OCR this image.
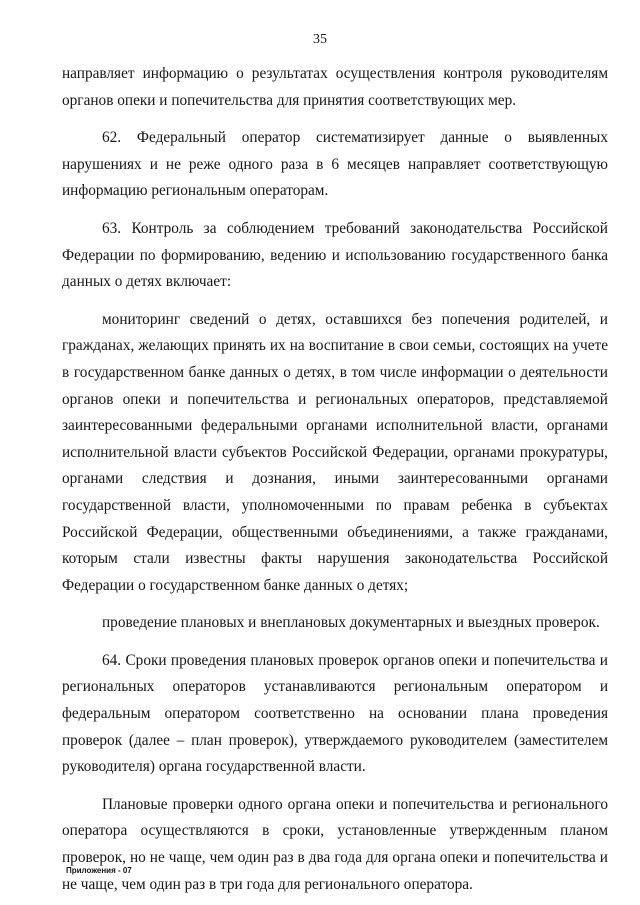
35

направляет информацию о результатах осуществления контроля руководителям органов опеки и попечительства для принятия соответствующих мер.

62. Федеральный оператор систематизирует данные о выявленных нарушениях и не реже одного раза в 6 месяцев направляет соответствующую информацию региональным операторам.

63. Контроль за соблюдением требований законодательства Российской Федерации по формированию, ведению и использованию государственного банка данных о детях включает:

мониторинг сведений о детях, оставшихся без попечения родителей, и гражданах, желающих принять их на воспитание в свои семьи, состоящих на учете в государственном банке данных о детях, в том числе информации о деятельности органов опеки и попечительства и региональных операторов, представляемой заинтересованными федеральными органами исполнительной власти, органами исполнительной власти субъектов Российской Федерации, органами прокуратуры, органами следствия и дознания, иными заинтересованными органами государственной власти, уполномоченными по правам ребенка в субъектах Российской Федерации, общественными объединениями, а также гражданами, которым стали известны факты нарушения законодательства Российской Федерации о государственном банке данных о детях;

проведение плановых и внеплановых документарных и выездных проверок.

64. Сроки проведения плановых проверок органов опеки и попечительства и региональных операторов устанавливаются региональным оператором и федеральным оператором соответственно на основании плана проведения проверок (далее – план проверок), утверждаемого руководителем (заместителем руководителя) органа государственной власти.

Плановые проверки одного органа опеки и попечительства и регионального оператора осуществляются в сроки, установленные утвержденным планом проверок, но не чаще, чем один раз в два года для органа опеки и попечительства и не чаще, чем один раз в три года для регионального оператора.

Приложения - 07
